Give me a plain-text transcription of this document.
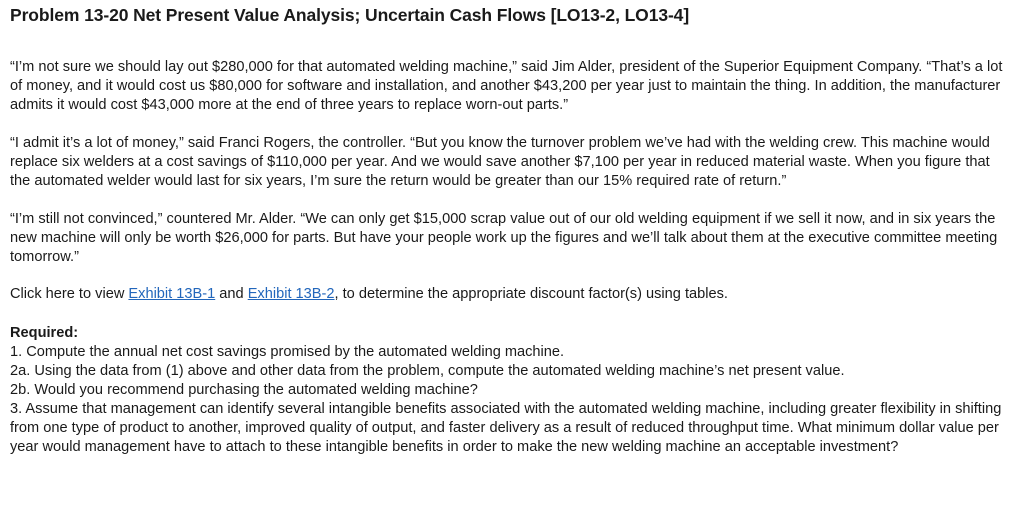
Problem 13-20 Net Present Value Analysis; Uncertain Cash Flows [LO13-2, LO13-4]

“I’m not sure we should lay out $280,000 for that automated welding machine,” said Jim Alder, president of the Superior Equipment Company. “That’s a lot of money, and it would cost us $80,000 for software and installation, and another $43,200 per year just to maintain the thing. In addition, the manufacturer admits it would cost $43,000 more at the end of three years to replace worn-out parts.”

“I admit it’s a lot of money,” said Franci Rogers, the controller. “But you know the turnover problem we’ve had with the welding crew. This machine would replace six welders at a cost savings of $110,000 per year. And we would save another $7,100 per year in reduced material waste. When you figure that the automated welder would last for six years, I’m sure the return would be greater than our 15% required rate of return.”

“I’m still not convinced,” countered Mr. Alder. “We can only get $15,000 scrap value out of our old welding equipment if we sell it now, and in six years the new machine will only be worth $26,000 for parts. But have your people work up the figures and we’ll talk about them at the executive committee meeting tomorrow.”

Click here to view Exhibit 13B-1 and Exhibit 13B-2, to determine the appropriate discount factor(s) using tables.

Required:

1. Compute the annual net cost savings promised by the automated welding machine.

2a. Using the data from (1) above and other data from the problem, compute the automated welding machine’s net present value.

2b. Would you recommend purchasing the automated welding machine?

3. Assume that management can identify several intangible benefits associated with the automated welding machine, including greater flexibility in shifting from one type of product to another, improved quality of output, and faster delivery as a result of reduced throughput time. What minimum dollar value per year would management have to attach to these intangible benefits in order to make the new welding machine an acceptable investment?
